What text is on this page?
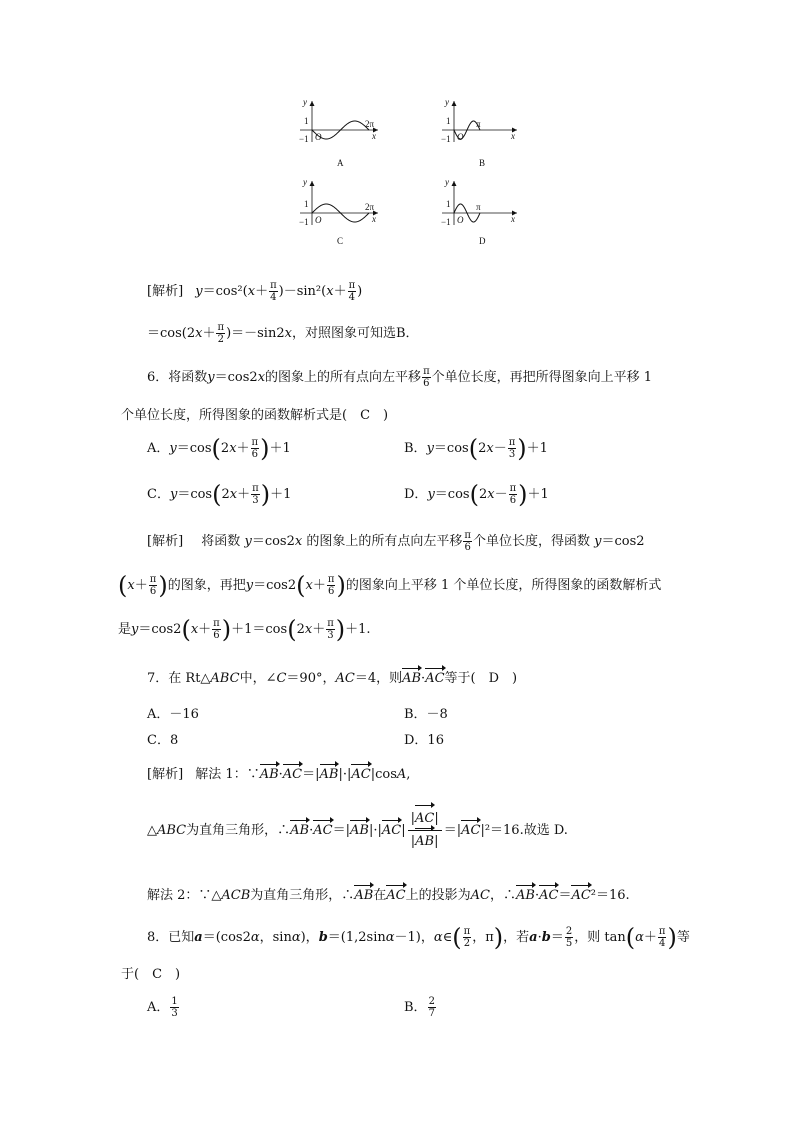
y
x
1
−1 O
2π
A
y
x
1
−1 O
π
B
y
x
1
−1 O
2π
C
y
x
1
−1 O
π
D
[解析] $y=\cos^2(x+ \frac{\pi}{4} )-\sin^2(x+ \frac{\pi}{4}$ )
$=\cos(2x+ \frac{\pi}{2} )=-\sin 2x$，对照图象可知选B．
6．将函数y＝cos2x的图象上的所有点向左平移 $\frac{\pi}{6}$ 个单位长度，再把所得图象向上平移 1
个单位长度，所得图象的函数解析式是(　C　)
A．$y=\cos(2x+ \frac{\pi}{6} )+1$	B．$y=\cos(2x- \frac{\pi}{3} )+1$
C．$y=\cos(2x+ \frac{\pi}{3} )+1$	D．$y=\cos(2x- \frac{\pi}{6} )+1$
[解析] 将函数 y＝cos2x 的图象上的所有点向左平移 $\frac{\pi}{6}$ 个单位长度，得函数 y＝cos2
($x+ \frac{\pi}{6}$ )的图象，再把$y=\cos 2(x+ \frac{\pi}{6}$ )的图象向上平移 1 个单位长度，所得图象的函数解析式
是$y=\cos 2(x+ \frac{\pi}{6} )+1=\cos(2x+ \frac{\pi}{3} )+1$.
7．在 Rt△ABC中，∠C＝90°，AC＝4，则AB·AC等于(　D　)
A．－16	B．－8
C．8	D．16
[解析] 解法 1：∵AB·AC＝|AB|·|AC|cosA,
△ABC为直角三角形，∴AB·AC＝|AB|·|AC| $\frac{|AC|}{|AB|} =|AC|^2=16$.故选 D.
解法 2：∵△ACB为直角三角形，∴AB在AC上的投影为AC，∴AB·AC＝AC²＝16.
8．已知a＝(cos2α，sinα)，b＝(1,2sinα－1)，α∈( $\frac{\pi}{2}$ ，π)，若$a\cdot b= \frac{2}{5}$ ，则 $\tan(\alpha+ \frac{\pi}{4}$ )等
于(　C　)
A． $\frac{1}{3}$	B． $\frac{2}{7}$
